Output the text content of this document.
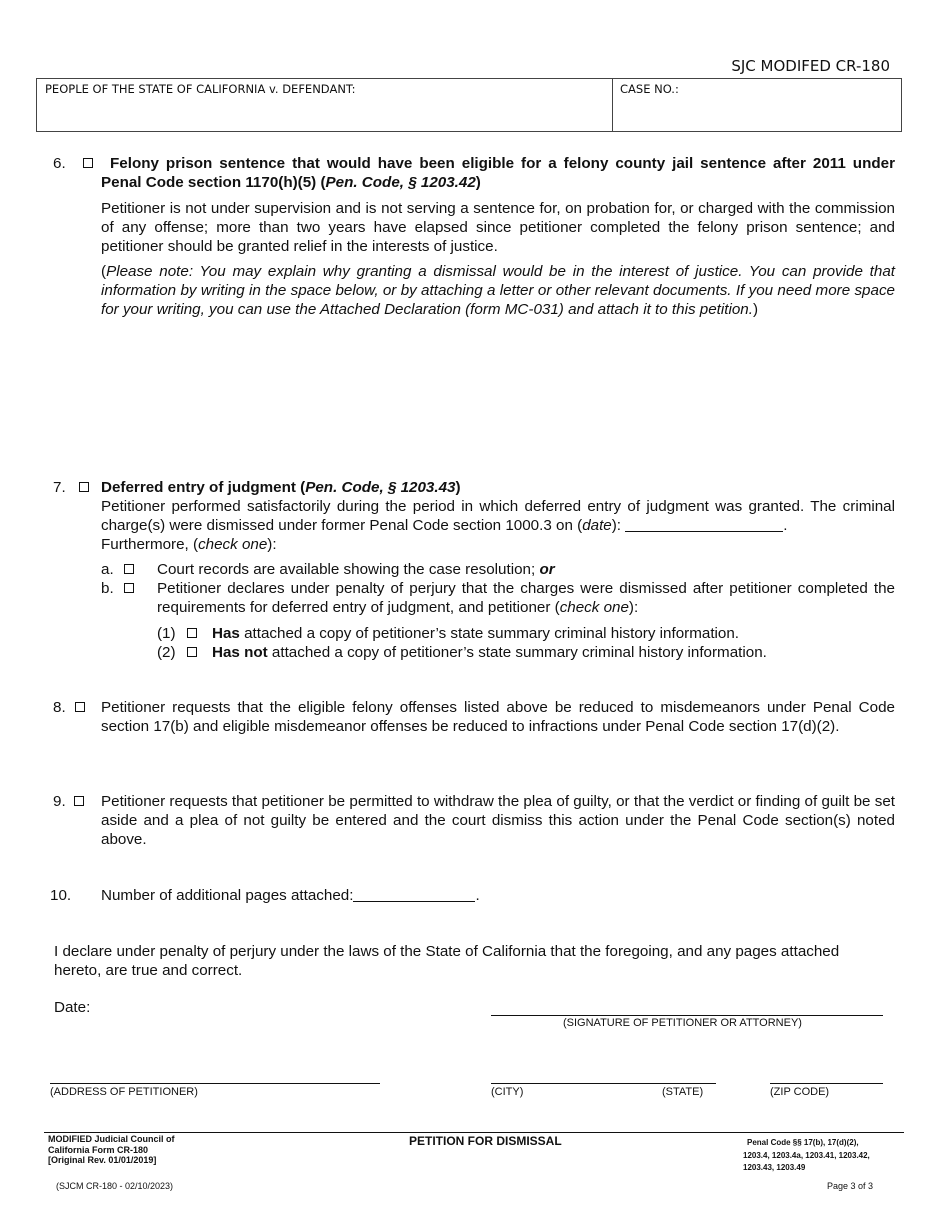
SJC MODIFED CR-180
PEOPLE OF THE STATE OF CALIFORNIA v. DEFENDANT:	CASE NO.:
6.	Felony prison sentence that would have been eligible for a felony county jail sentence after 2011 under Penal Code section 1170(h)(5) (Pen. Code, § 1203.42)
Petitioner is not under supervision and is not serving a sentence for, on probation for, or charged with the commission of any offense; more than two years have elapsed since petitioner completed the felony prison sentence; and petitioner should be granted relief in the interests of justice.
(Please note: You may explain why granting a dismissal would be in the interest of justice. You can provide that information by writing in the space below, or by attaching a letter or other relevant documents. If you need more space for your writing, you can use the Attached Declaration (form MC-031) and attach it to this petition.)
7. Deferred entry of judgment (Pen. Code, § 1203.43)
Petitioner performed satisfactorily during the period in which deferred entry of judgment was granted. The criminal charge(s) were dismissed under former Penal Code section 1000.3 on (date):	.
Furthermore, (check one):
a.	Court records are available showing the case resolution; or
b.	Petitioner declares under penalty of perjury that the charges were dismissed after petitioner completed the requirements for deferred entry of judgment, and petitioner (check one):
(1) Has attached a copy of petitioner’s state summary criminal history information.
(2) Has not attached a copy of petitioner’s state summary criminal history information.
8. Petitioner requests that the eligible felony offenses listed above be reduced to misdemeanors under Penal Code section 17(b) and eligible misdemeanor offenses be reduced to infractions under Penal Code section 17(d)(2).
9. Petitioner requests that petitioner be permitted to withdraw the plea of guilty, or that the verdict or finding of guilt be set aside and a plea of not guilty be entered and the court dismiss this action under the Penal Code section(s) noted above.
10. Number of additional pages attached:	.
I declare under penalty of perjury under the laws of the State of California that the foregoing, and any pages attached hereto, are true and correct.
Date:
(SIGNATURE OF PETITIONER OR ATTORNEY)
(ADDRESS OF PETITIONER)	(CITY)	(STATE)	(ZIP CODE)
MODIFIED Judicial Council of
California Form CR-180
[Original Rev. 01/01/2019]
PETITION FOR DISMISSAL	Penal Code §§ 17(b), 17(d)(2),
1203.4, 1203.4a, 1203.41, 1203.42,
1203.43, 1203.49
(SJCM CR-180 - 02/10/2023)	Page 3 of 3
